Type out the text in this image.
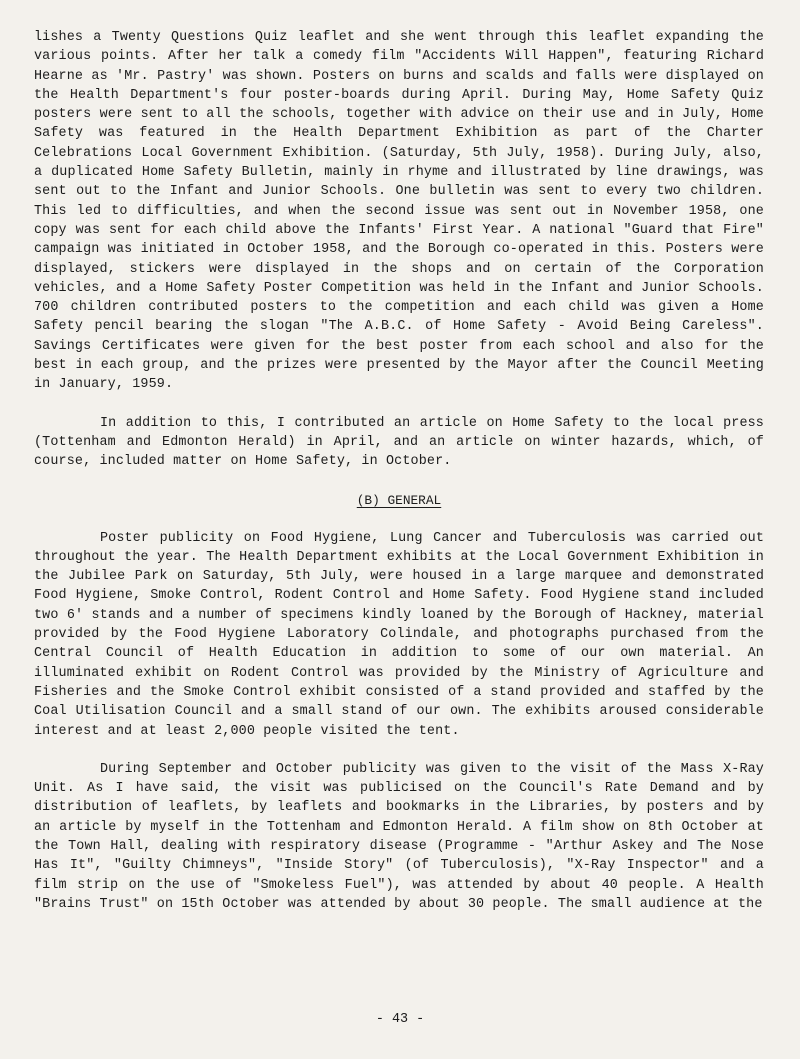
lishes a Twenty Questions Quiz leaflet and she went through this leaflet expanding the various points. After her talk a comedy film "Accidents Will Happen", featuring Richard Hearne as 'Mr. Pastry' was shown. Posters on burns and scalds and falls were displayed on the Health Department's four poster-boards during April. During May, Home Safety Quiz posters were sent to all the schools, together with advice on their use and in July, Home Safety was featured in the Health Department Exhibition as part of the Charter Celebrations Local Government Exhibition. (Saturday, 5th July, 1958). During July, also, a duplicated Home Safety Bulletin, mainly in rhyme and illustrated by line drawings, was sent out to the Infant and Junior Schools. One bulletin was sent to every two children. This led to difficulties, and when the second issue was sent out in November 1958, one copy was sent for each child above the Infants' First Year. A national "Guard that Fire" campaign was initiated in October 1958, and the Borough co-operated in this. Posters were displayed, stickers were displayed in the shops and on certain of the Corporation vehicles, and a Home Safety Poster Competition was held in the Infant and Junior Schools. 700 children contributed posters to the competition and each child was given a Home Safety pencil bearing the slogan "The A.B.C. of Home Safety - Avoid Being Careless". Savings Certificates were given for the best poster from each school and also for the best in each group, and the prizes were presented by the Mayor after the Council Meeting in January, 1959.

In addition to this, I contributed an article on Home Safety to the local press (Tottenham and Edmonton Herald) in April, and an article on winter hazards, which, of course, included matter on Home Safety, in October.

(B) GENERAL

Poster publicity on Food Hygiene, Lung Cancer and Tuberculosis was carried out throughout the year. The Health Department exhibits at the Local Government Exhibition in the Jubilee Park on Saturday, 5th July, were housed in a large marquee and demonstrated Food Hygiene, Smoke Control, Rodent Control and Home Safety. Food Hygiene stand included two 6' stands and a number of specimens kindly loaned by the Borough of Hackney, material provided by the Food Hygiene Laboratory Colindale, and photographs purchased from the Central Council of Health Education in addition to some of our own material. An illuminated exhibit on Rodent Control was provided by the Ministry of Agriculture and Fisheries and the Smoke Control exhibit consisted of a stand provided and staffed by the Coal Utilisation Council and a small stand of our own. The exhibits aroused considerable interest and at least 2,000 people visited the tent.

During September and October publicity was given to the visit of the Mass X-Ray Unit. As I have said, the visit was publicised on the Council's Rate Demand and by distribution of leaflets, by leaflets and bookmarks in the Libraries, by posters and by an article by myself in the Tottenham and Edmonton Herald. A film show on 8th October at the Town Hall, dealing with respiratory disease (Programme - "Arthur Askey and The Nose Has It", "Guilty Chimneys", "Inside Story" (of Tuberculosis), "X-Ray Inspector" and a film strip on the use of "Smokeless Fuel"), was attended by about 40 people. A Health "Brains Trust" on 15th October was attended by about 30 people. The small audience at the

- 43 -
